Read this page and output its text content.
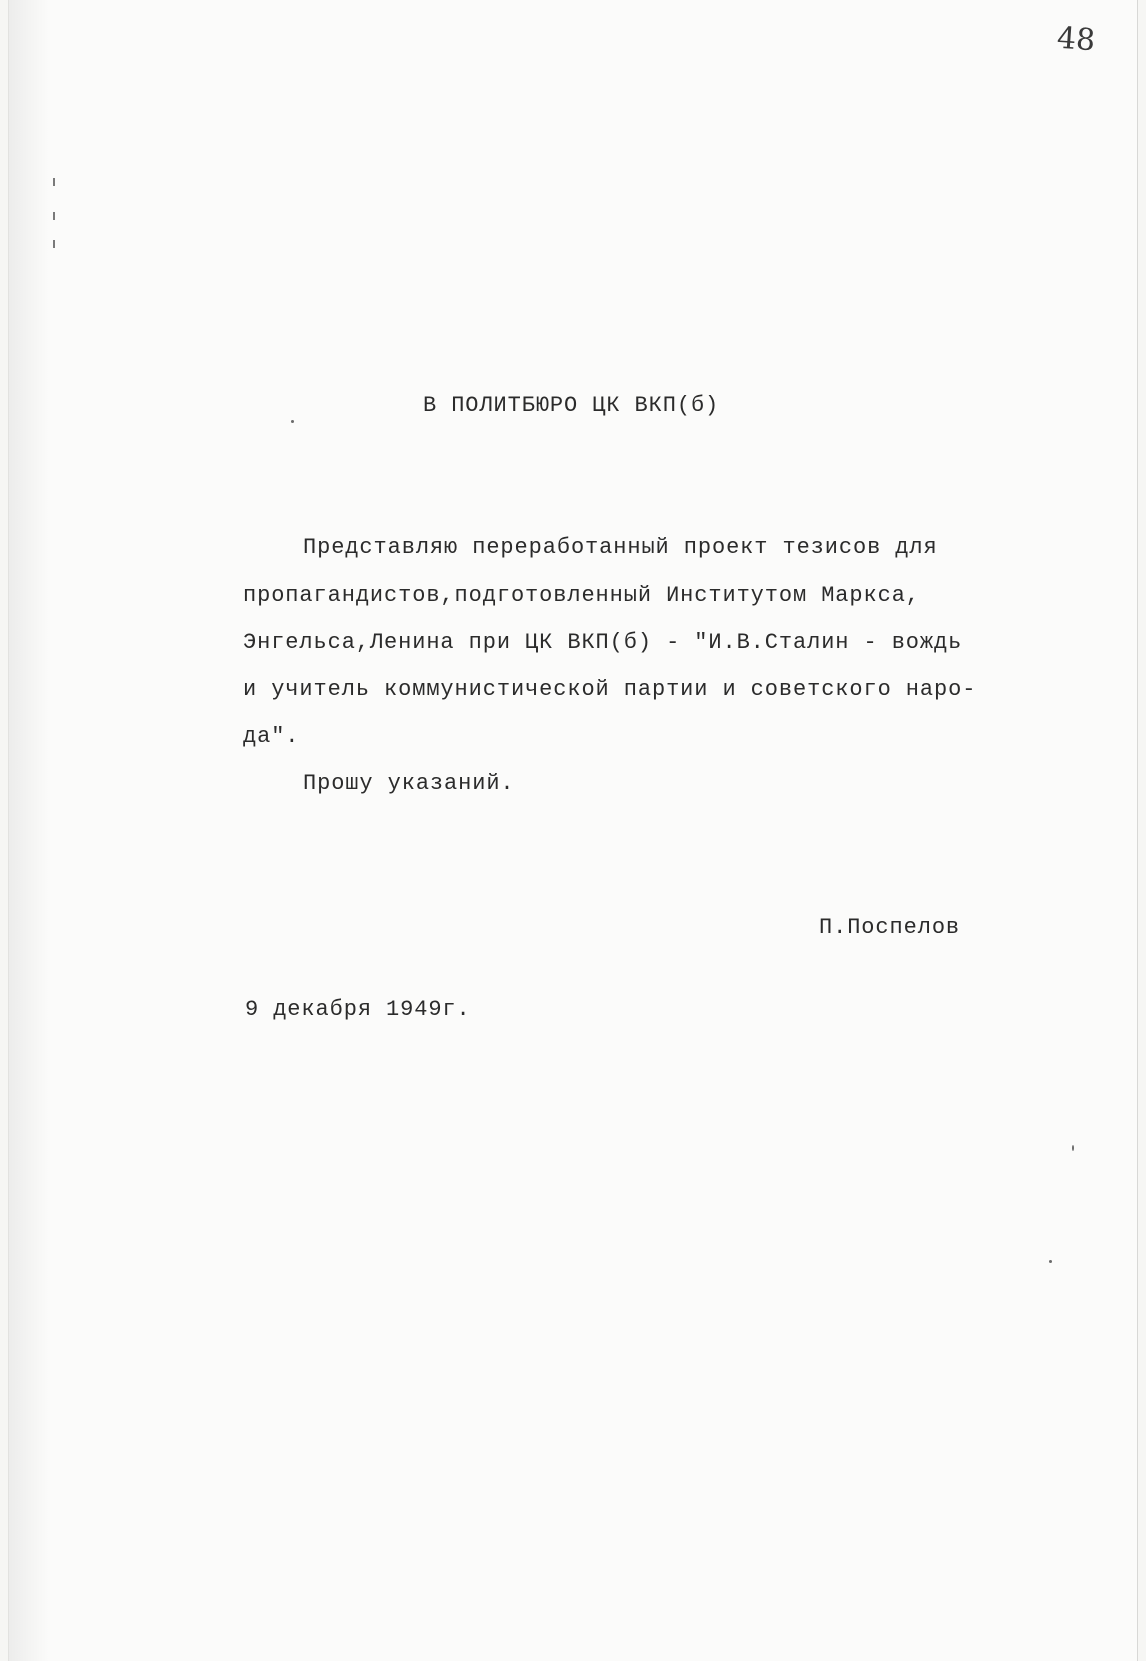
48

В ПОЛИТБЮРО ЦК ВКП(б)

Представляю переработанный проект тезисов для

пропагандистов,подготовленный Институтом Маркса,

Энгельса,Ленина при ЦК ВКП(б) - "И.В.Сталин - вождь

и учитель коммунистической партии и советского наро-

да".

Прошу указаний.

П.Поспелов

9 декабря 1949г.
